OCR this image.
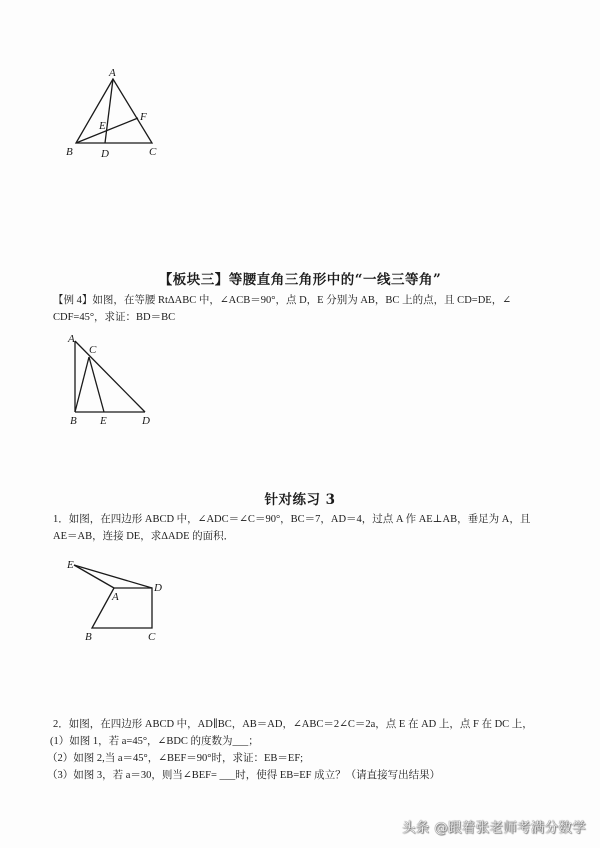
A
B	C
D
E
F
【板块三】等腰直角三角形中的“一线三等角”
【例 4】如图，在等腰 RtΔABC 中，∠ACB＝90°，点 D，E 分别为 AB，BC 上的点，且 CD=DE，∠
CDF=45°，求证：BD＝BC
A
C
B E	D
针对练习 3
1．如图，在四边形 ABCD 中，∠ADC＝∠C＝90°，BC＝7，AD＝4，过点 A 作 AE⊥AB，垂足为 A，且
AE＝AB，连接 DE，求ΔADE 的面积．
E
A
D
B	C
2．如图，在四边形 ABCD 中，AD∥BC，AB＝AD，∠ABC＝2∠C＝2a，点 E 在 AD 上，点 F 在 DC 上，
(1）如图 1，若 a=45°，∠BDC 的度数为___；
（2）如图 2,当 a＝45°，∠BEF＝90°时，求证：EB＝EF;
（3）如图 3，若 a＝30，则当∠BEF= ___时，使得 EB=EF 成立？（请直接写出结果）
头条 @跟着张老师考满分数学
